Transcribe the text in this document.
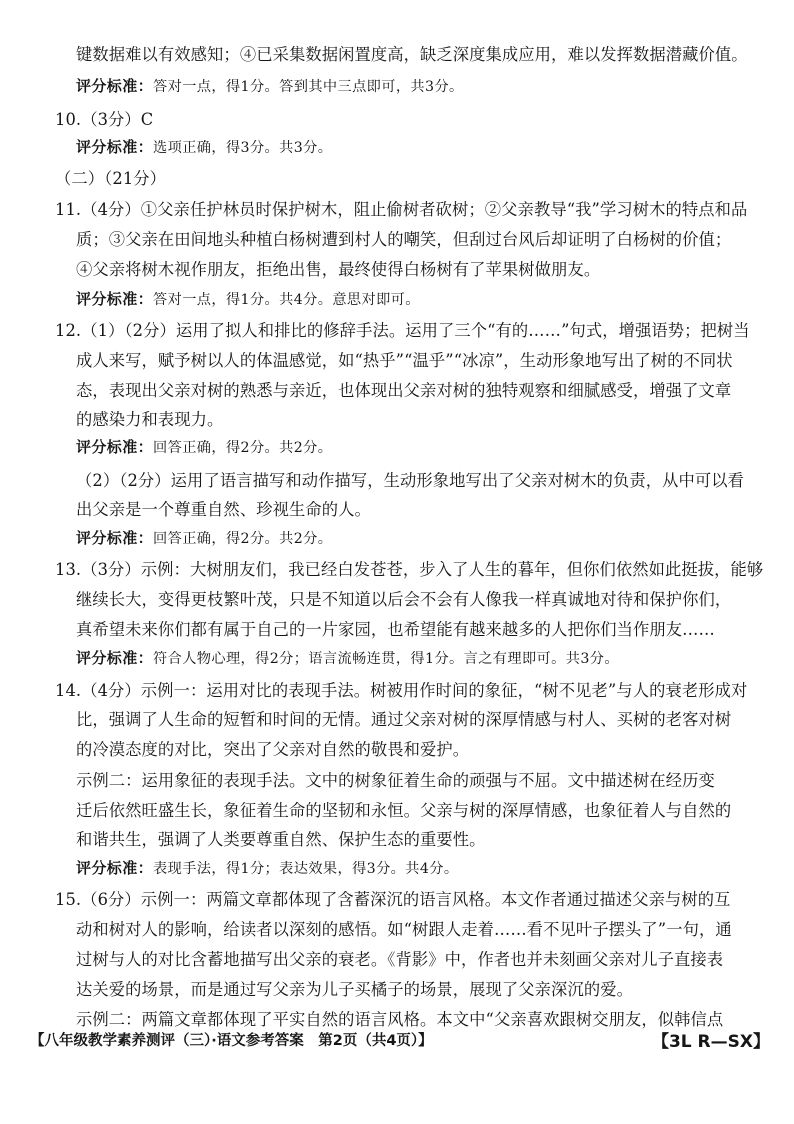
键数据难以有效感知；④已采集数据闲置度高，缺乏深度集成应用，难以发挥数据潜藏价值。
评分标准：答对一点，得1分。答到其中三点即可，共3分。
10.（3分）C
评分标准：选项正确，得3分。共3分。
（二）（21分）
11.（4分）①父亲任护林员时保护树木，阻止偷树者砍树；②父亲教导“我”学习树木的特点和品
质；③父亲在田间地头种植白杨树遭到村人的嘲笑，但刮过台风后却证明了白杨树的价值；
④父亲将树木视作朋友，拒绝出售，最终使得白杨树有了苹果树做朋友。
评分标准：答对一点，得1分。共4分。意思对即可。
12.（1）（2分）运用了拟人和排比的修辞手法。运用了三个“有的……”句式，增强语势；把树当
成人来写，赋予树以人的体温感觉，如“热乎”“温乎”“冰凉”，生动形象地写出了树的不同状
态，表现出父亲对树的熟悉与亲近，也体现出父亲对树的独特观察和细腻感受，增强了文章
的感染力和表现力。
评分标准：回答正确，得2分。共2分。
（2）（2分）运用了语言描写和动作描写，生动形象地写出了父亲对树木的负责，从中可以看
出父亲是一个尊重自然、珍视生命的人。
评分标准：回答正确，得2分。共2分。
13.（3分）示例：大树朋友们，我已经白发苍苍，步入了人生的暮年，但你们依然如此挺拔，能够
继续长大，变得更枝繁叶茂，只是不知道以后会不会有人像我一样真诚地对待和保护你们，
真希望未来你们都有属于自己的一片家园，也希望能有越来越多的人把你们当作朋友……
评分标准：符合人物心理，得2分；语言流畅连贯，得1分。言之有理即可。共3分。
14.（4分）示例一：运用对比的表现手法。树被用作时间的象征，“树不见老”与人的衰老形成对
比，强调了人生命的短暂和时间的无情。通过父亲对树的深厚情感与村人、买树的老客对树
的冷漠态度的对比，突出了父亲对自然的敬畏和爱护。
示例二：运用象征的表现手法。文中的树象征着生命的顽强与不屈。文中描述树在经历变
迁后依然旺盛生长，象征着生命的坚韧和永恒。父亲与树的深厚情感，也象征着人与自然的
和谐共生，强调了人类要尊重自然、保护生态的重要性。
评分标准：表现手法，得1分；表达效果，得3分。共4分。
15.（6分）示例一：两篇文章都体现了含蓄深沉的语言风格。本文作者通过描述父亲与树的互
动和树对人的影响，给读者以深刻的感悟。如“树跟人走着……看不见叶子摆头了”一句，通
过树与人的对比含蓄地描写出父亲的衰老。《背影》中，作者也并未刻画父亲对儿子直接表
达关爱的场景，而是通过写父亲为儿子买橘子的场景，展现了父亲深沉的爱。
示例二：两篇文章都体现了平实自然的语言风格。本文中“父亲喜欢跟树交朋友，似韩信点
【八年级教学素养测评（三）·语文参考答案　第2页（共4页）】	【3L R—SX】
